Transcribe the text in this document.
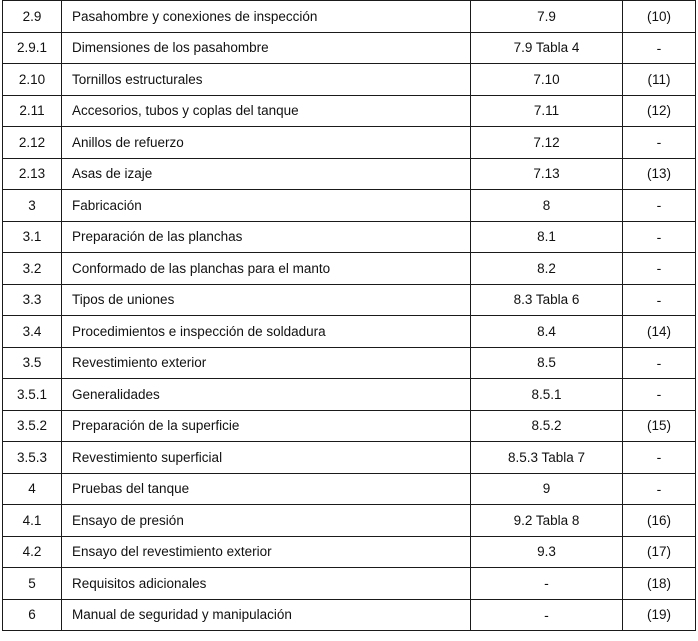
2.9	Pasahombre y conexiones de inspección	7.9	(10)
2.9.1	Dimensiones de los pasahombre	7.9 Tabla 4	-
2.10	Tornillos estructurales	7.10	(11)
2.11	Accesorios, tubos y coplas del tanque	7.11	(12)
2.12	Anillos de refuerzo	7.12	-
2.13	Asas de izaje	7.13	(13)
3	Fabricación	8	-
3.1	Preparación de las planchas	8.1	-
3.2	Conformado de las planchas para el manto	8.2	-
3.3	Tipos de uniones	8.3 Tabla 6	-
3.4	Procedimientos e inspección de soldadura	8.4	(14)
3.5	Revestimiento exterior	8.5	-
3.5.1	Generalidades	8.5.1	-
3.5.2	Preparación de la superficie	8.5.2	(15)
3.5.3	Revestimiento superficial	8.5.3 Tabla 7	-
4	Pruebas del tanque	9	-
4.1	Ensayo de presión	9.2 Tabla 8	(16)
4.2	Ensayo del revestimiento exterior	9.3	(17)
5	Requisitos adicionales	-	(18)
6	Manual de seguridad y manipulación	-	(19)
